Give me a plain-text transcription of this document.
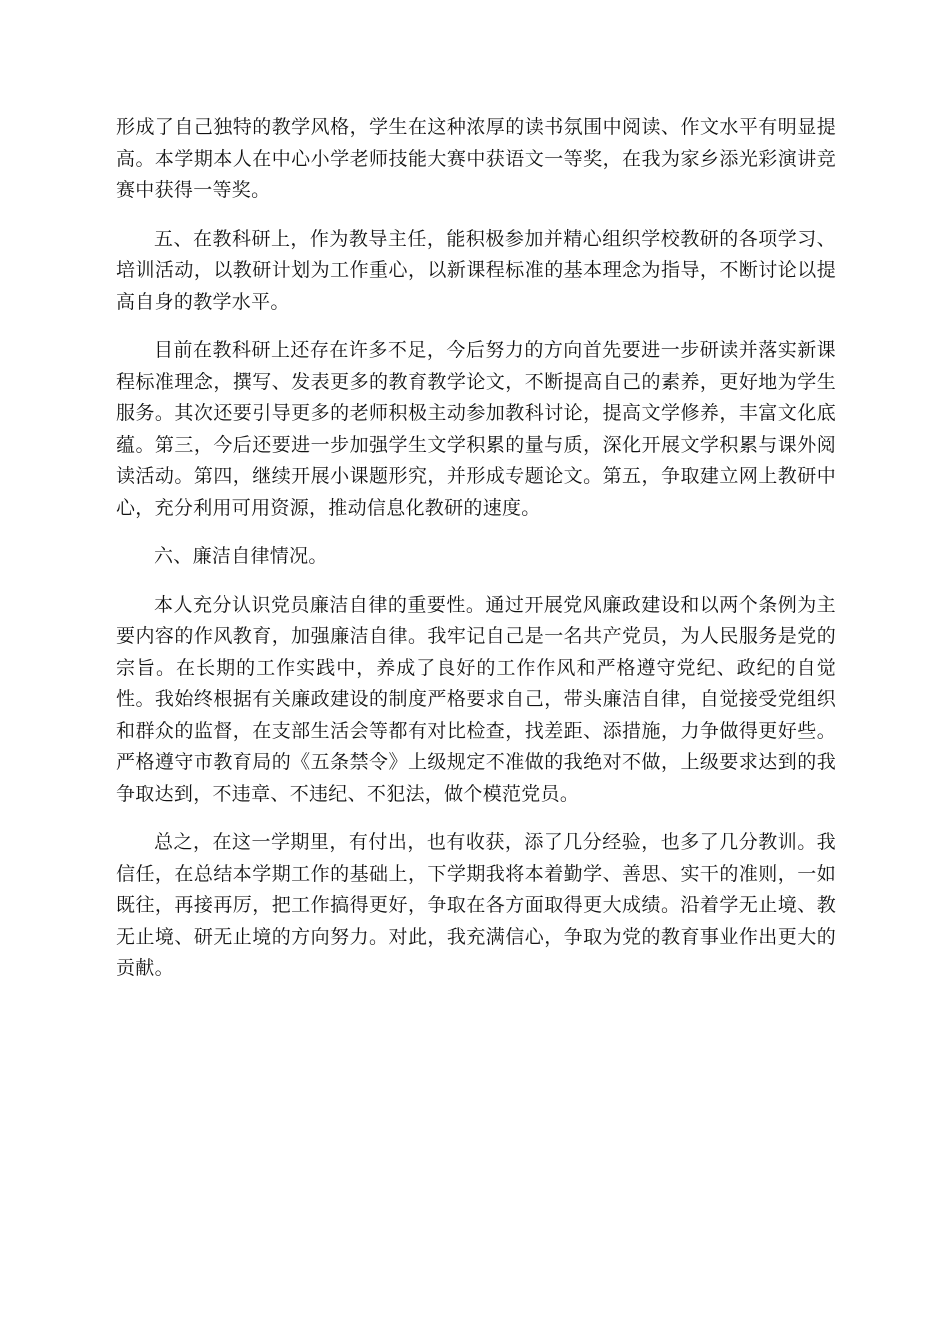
形成了自己独特的教学风格，学生在这种浓厚的读书氛围中阅读、作文水平有明显提高。本学期本人在中心小学老师技能大赛中获语文一等奖，在我为家乡添光彩演讲竞赛中获得一等奖。

五、在教科研上，作为教导主任，能积极参加并精心组织学校教研的各项学习、培训活动，以教研计划为工作重心，以新课程标准的基本理念为指导，不断讨论以提高自身的教学水平。

目前在教科研上还存在许多不足，今后努力的方向首先要进一步研读并落实新课程标准理念，撰写、发表更多的教育教学论文，不断提高自己的素养，更好地为学生服务。其次还要引导更多的老师积极主动参加教科讨论，提高文学修养，丰富文化底蕴。第三，今后还要进一步加强学生文学积累的量与质，深化开展文学积累与课外阅读活动。第四，继续开展小课题形究，并形成专题论文。第五，争取建立网上教研中心，充分利用可用资源，推动信息化教研的速度。

六、廉洁自律情况。

本人充分认识党员廉洁自律的重要性。通过开展党风廉政建设和以两个条例为主要内容的作风教育，加强廉洁自律。我牢记自己是一名共产党员，为人民服务是党的宗旨。在长期的工作实践中，养成了良好的工作作风和严格遵守党纪、政纪的自觉性。我始终根据有关廉政建设的制度严格要求自己，带头廉洁自律，自觉接受党组织和群众的监督，在支部生活会等都有对比检查，找差距、添措施，力争做得更好些。严格遵守市教育局的《五条禁令》上级规定不准做的我绝对不做，上级要求达到的我争取达到，不违章、不违纪、不犯法，做个模范党员。

总之，在这一学期里，有付出，也有收获，添了几分经验，也多了几分教训。我信任，在总结本学期工作的基础上，下学期我将本着勤学、善思、实干的准则，一如既往，再接再厉，把工作搞得更好，争取在各方面取得更大成绩。沿着学无止境、教无止境、研无止境的方向努力。对此，我充满信心，争取为党的教育事业作出更大的贡献。
